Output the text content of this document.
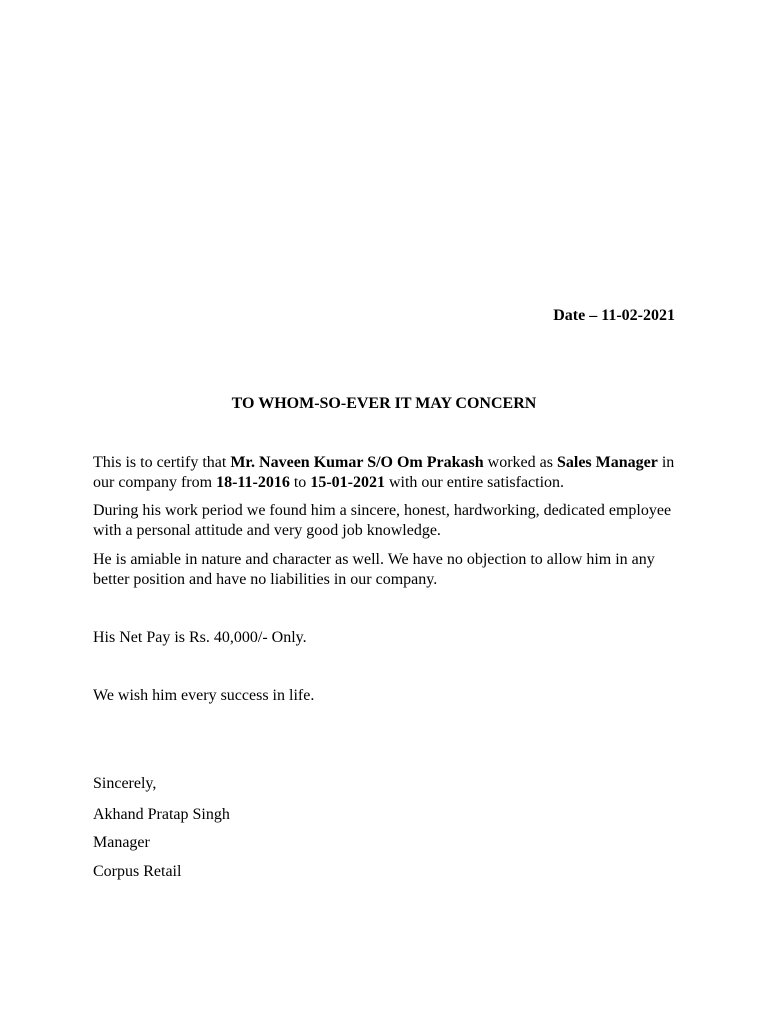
Date – 11-02-2021
TO WHOM-SO-EVER IT MAY CONCERN

This is to certify that Mr. Naveen Kumar S/O Om Prakash worked as Sales Manager in our company from 18-11-2016 to 15-01-2021 with our entire satisfaction.

During his work period we found him a sincere, honest, hardworking, dedicated employee with a personal attitude and very good job knowledge.

He is amiable in nature and character as well. We have no objection to allow him in any better position and have no liabilities in our company.

His Net Pay is Rs. 40,000/- Only.

We wish him every success in life.

Sincerely,
Akhand Pratap Singh
Manager
Corpus Retail
